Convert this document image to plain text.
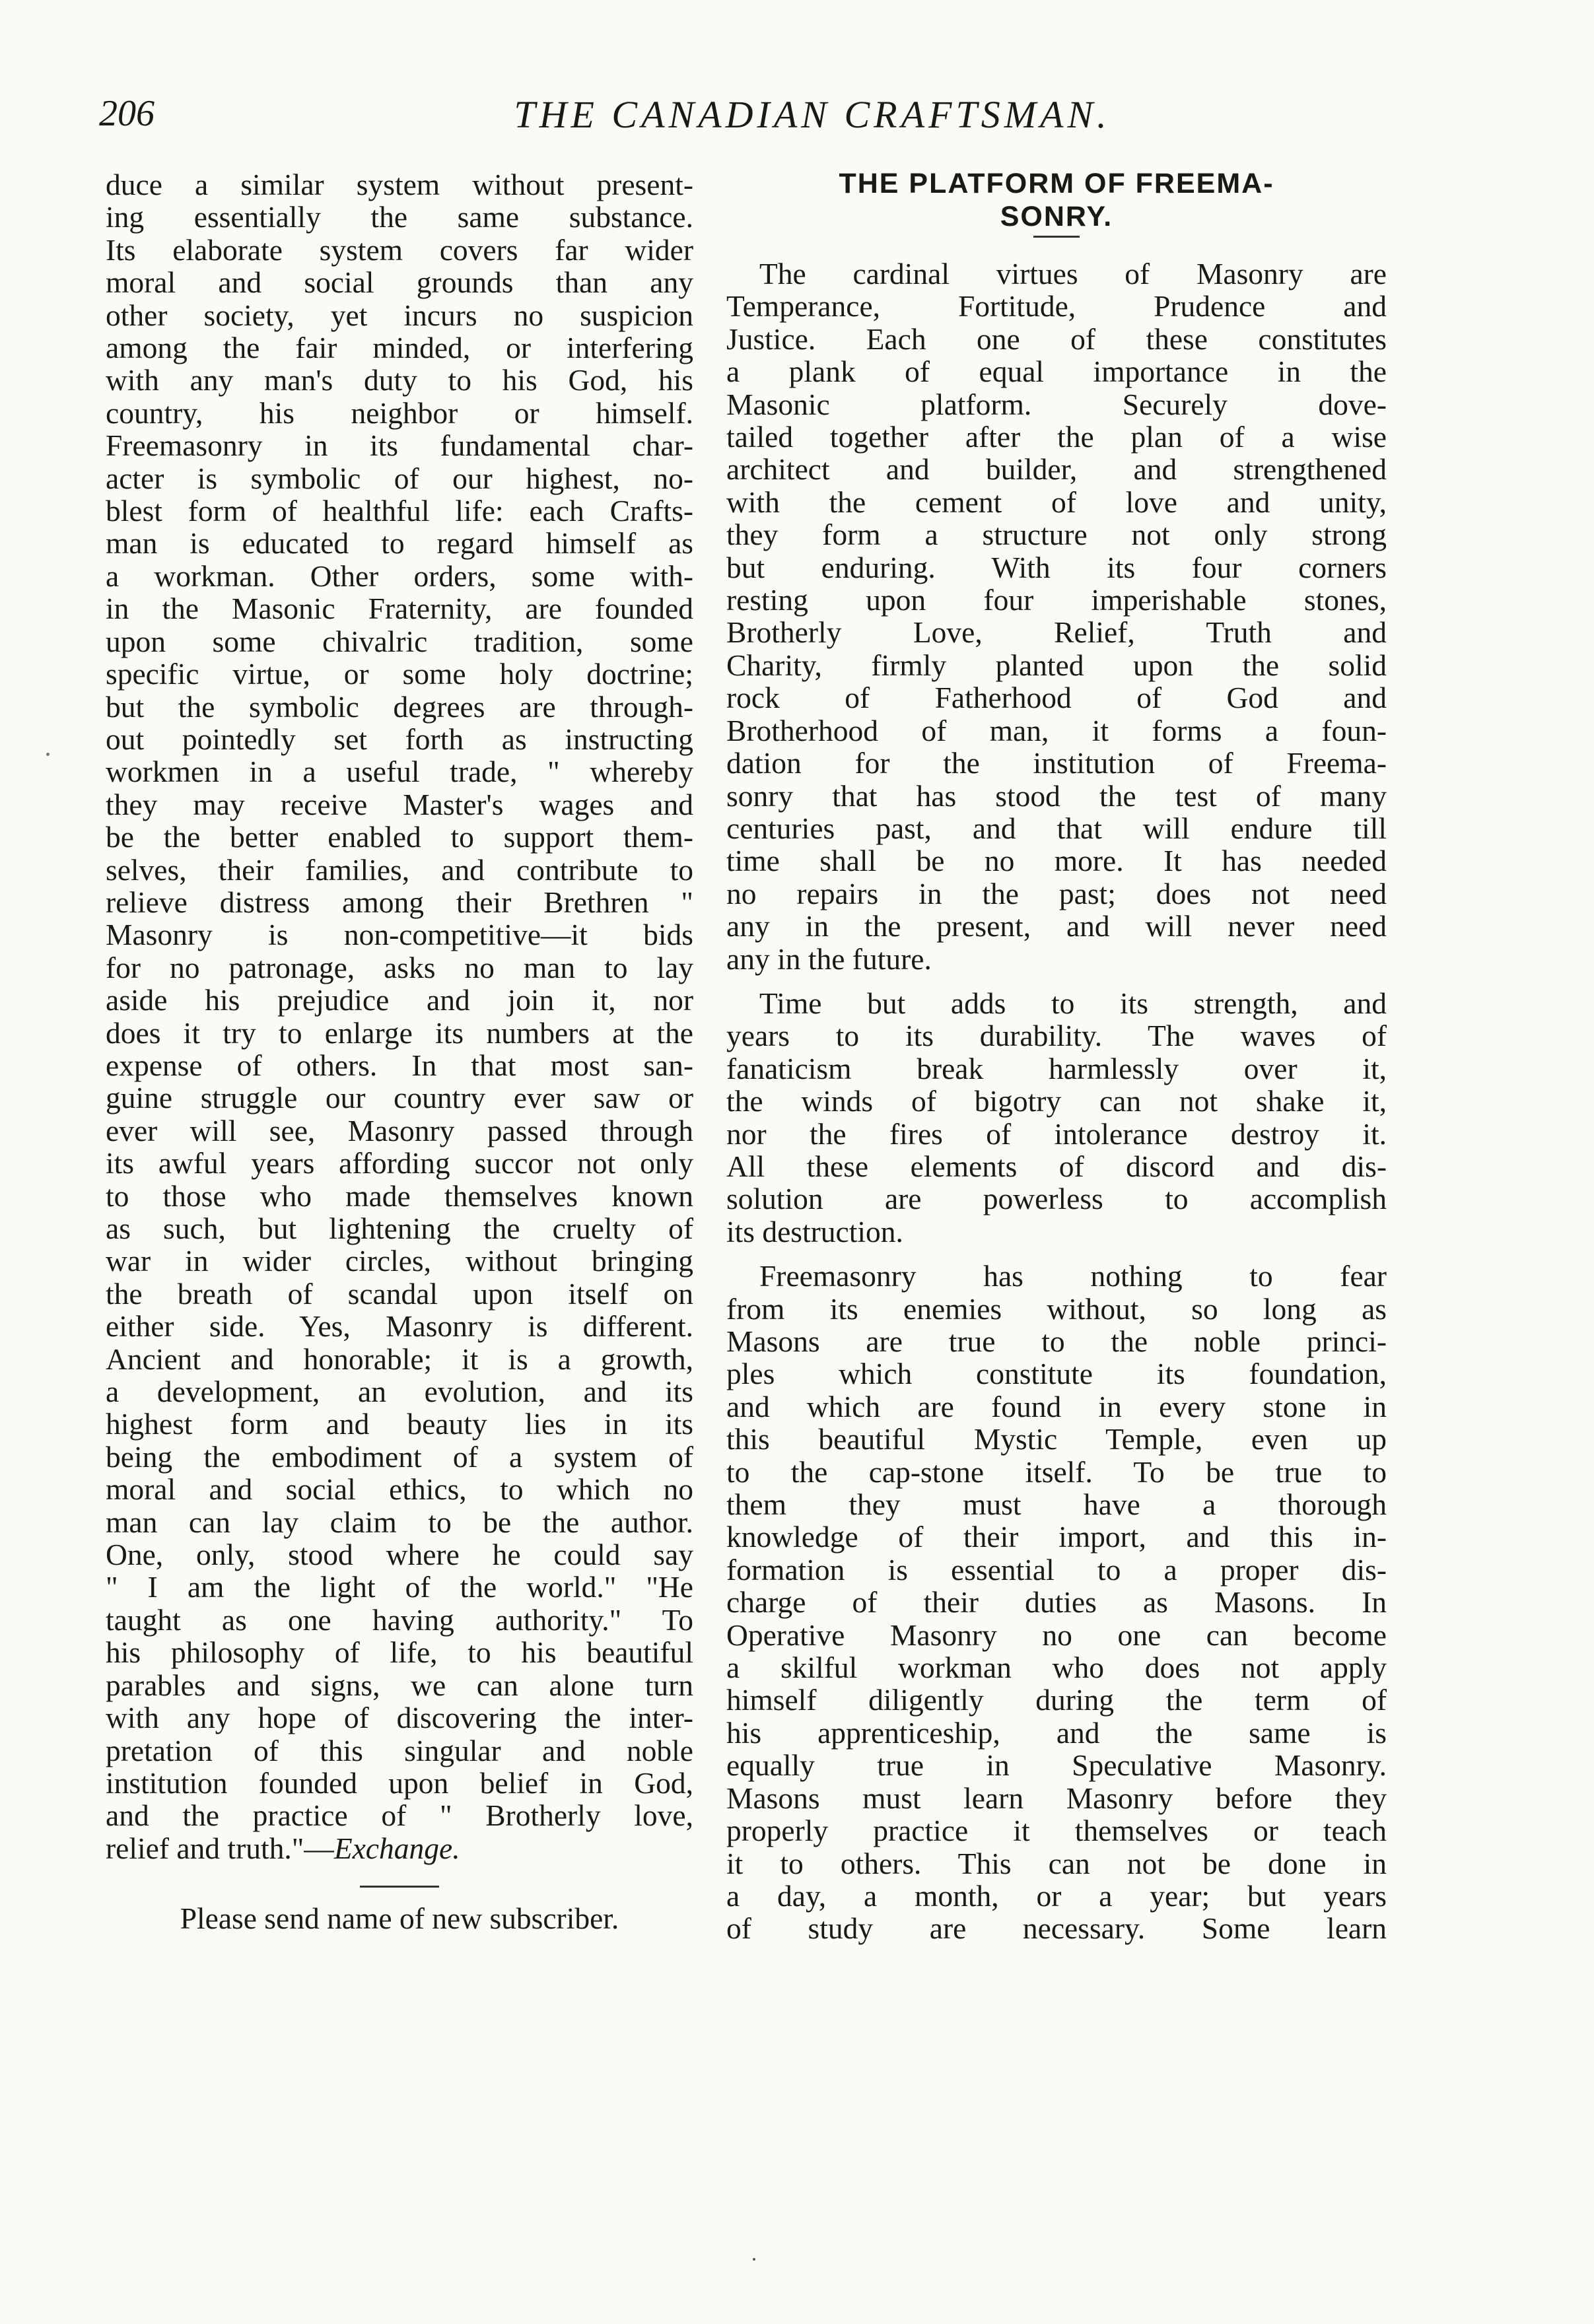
206	THE CANADIAN CRAFTSMAN.
duce a similar system without present-
ing essentially the same substance.
Its elaborate system covers far wider
moral and social grounds than any
other society, yet incurs no suspicion
among the fair minded, or interfering
with any man's duty to his God, his
country, his neighbor or himself.
Freemasonry in its fundamental char-
acter is symbolic of our highest, no-
blest form of healthful life: each Crafts-
man is educated to regard himself as
a workman. Other orders, some with-
in the Masonic Fraternity, are founded
upon some chivalric tradition, some
specific virtue, or some holy doctrine;
but the symbolic degrees are through-
out pointedly set forth as instructing
workmen in a useful trade, " whereby
they may receive Master's wages and
be the better enabled to support them-
selves, their families, and contribute to
relieve distress among their Brethren "
Masonry is non-competitive—it bids
for no patronage, asks no man to lay
aside his prejudice and join it, nor
does it try to enlarge its numbers at the
expense of others. In that most san-
guine struggle our country ever saw or
ever will see, Masonry passed through
its awful years affording succor not only
to those who made themselves known
as such, but lightening the cruelty of
war in wider circles, without bringing
the breath of scandal upon itself on
either side. Yes, Masonry is different.
Ancient and honorable; it is a growth,
a development, an evolution, and its
highest form and beauty lies in its
being the embodiment of a system of
moral and social ethics, to which no
man can lay claim to be the author.
One, only, stood where he could say
" I am the light of the world." "He
taught as one having authority." To
his philosophy of life, to his beautiful
parables and signs, we can alone turn
with any hope of discovering the inter-
pretation of this singular and noble
institution founded upon belief in God,
and the practice of " Brotherly love,
relief and truth."—Exchange.
Please send name of new subscriber.
THE PLATFORM OF FREEMA-
SONRY.
The cardinal virtues of Masonry are
Temperance, Fortitude, Prudence and
Justice. Each one of these constitutes
a plank of equal importance in the
Masonic platform. Securely dove-
tailed together after the plan of a wise
architect and builder, and strengthened
with the cement of love and unity,
they form a structure not only strong
but enduring. With its four corners
resting upon four imperishable stones,
Brotherly Love, Relief, Truth and
Charity, firmly planted upon the solid
rock of Fatherhood of God and
Brotherhood of man, it forms a foun-
dation for the institution of Freema-
sonry that has stood the test of many
centuries past, and that will endure till
time shall be no more. It has needed
no repairs in the past; does not need
any in the present, and will never need
any in the future.
Time but adds to its strength, and
years to its durability. The waves of
fanaticism break harmlessly over it,
the winds of bigotry can not shake it,
nor the fires of intolerance destroy it.
All these elements of discord and dis-
solution are powerless to accomplish
its destruction.
Freemasonry has nothing to fear
from its enemies without, so long as
Masons are true to the noble princi-
ples which constitute its foundation,
and which are found in every stone in
this beautiful Mystic Temple, even up
to the cap-stone itself. To be true to
them they must have a thorough
knowledge of their import, and this in-
formation is essential to a proper dis-
charge of their duties as Masons. In
Operative Masonry no one can become
a skilful workman who does not apply
himself diligently during the term of
his apprenticeship, and the same is
equally true in Speculative Masonry.
Masons must learn Masonry before they
properly practice it themselves or teach
it to others. This can not be done in
a day, a month, or a year; but years
of study are necessary. Some learn
